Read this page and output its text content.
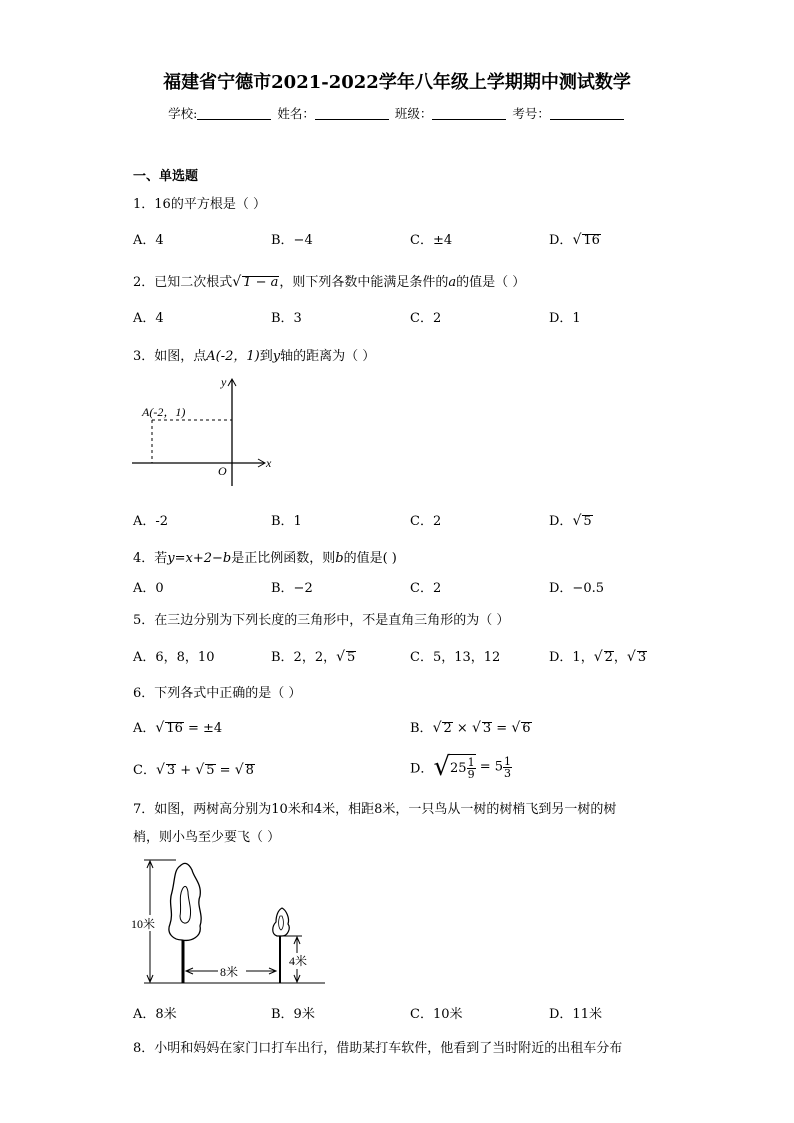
福建省宁德市2021-2022学年八年级上学期期中测试数学
学校:	姓名：	班级：	考号：
一、单选题
1．16的平方根是（ ）
A．4	B．−4	C．±4	D．√ 16
2．已知二次根式√ 1 − a，则下列各数中能满足条件的a的值是（ ）
A．4	B．3	C．2	D．1
3．如图，点A(-2，1)到y轴的距离为（ ）
y
x
O
A(-2，1)
A．-2	B．1	C．2	D．√ 5
4．若y=x+2−b是正比例函数，则b的值是( )
A．0	B．−2	C．2	D．−0.5
5．在三边分别为下列长度的三角形中，不是直角三角形的为（ ）
A．6，8，10	B．2，2，√ 5	C．5，13，12	D．1，√ 2，√ 3
6．下列各式中正确的是（ ）
A．√ 16 = ±4	B．√ 2 × √ 3 = √ 6
C．√ 3 + √ 5 = √ 8	D．$√25 \frac{1}{9} = 5 \frac{1}{3}$
7．如图，两树高分别为10米和4米，相距8米，一只鸟从一树的树梢飞到另一树的树
梢，则小鸟至少要飞（ ）
10米
4米
8米
A．8米	B．9米	C．10米	D．11米
8．小明和妈妈在家门口打车出行，借助某打车软件，他看到了当时附近的出租车分布
